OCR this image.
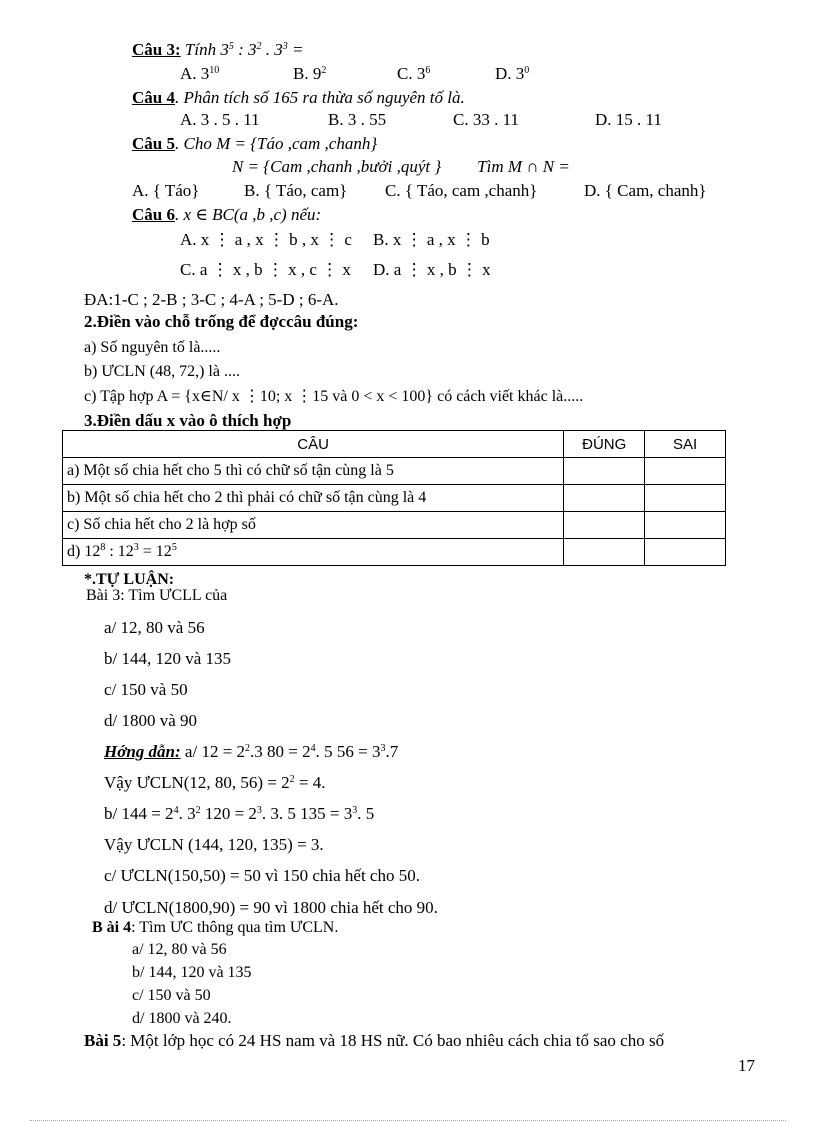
Câu 3: Tính $3^5$ : $3^2$ . $3^3$ =
A. $3^{10}$	B. $9^2$	C. $3^6$	D. $3^0$
Câu 4. Phân tích số 165 ra thừa số nguyên tố là.
A. 3 . 5 . 11	B. 3 . 55	C. 33 . 11	D. 15 . 11
Câu 5. Cho M = {Táo ,cam ,chanh}
N = {Cam ,chanh ,bưởi ,quýt } Tìm M ∩ N =
A. { Táo}	B. { Táo, cam} C. { Táo, cam ,chanh}	D. { Cam, chanh}
Câu 6. x ∈ BC(a ,b ,c) nếu:
A. x ⋮ a , x ⋮ b , x ⋮ c B. x ⋮ a , x ⋮ b
C. a ⋮ x , b ⋮ x , c ⋮ x D. a ⋮ x , b ⋮ x
ĐA:1-C ; 2-B ; 3-C ; 4-A ; 5-D ; 6-A.
2.Điền vào chỗ trống để đợccâu đúng:
a) Số nguyên tố là.....
b) ƯCLN (48, 72,) là ....
c) Tập hợp A = {x∈N/ x ⋮10; x ⋮15 và 0 < x < 100} có cách viết khác là.....
3.Điền dấu x vào ô thích hợp
CÂU	ĐÚNG	SAI
a) Một số chia hết cho 5 thì có chữ số tận cùng là 5		
b) Một số chia hết cho 2 thì phải có chữ số tận cùng là 4		
c) Số chia hết cho 2 là hợp số		
d) $12^8$ : $12^3 = 12^5$		
*.TỰ LUẬN:
Bài 3: Tìm ƯCLL của
a/ 12, 80 và 56
b/ 144, 120 và 135
c/ 150 và 50
d/ 1800 và 90
Hớng dẫn: a/ $12 = 2^2.3$ $80 = 2^4$. 5 $56 = 3^3.7$
Vậy ƯCLN(12, 80, $56) = 2^2 = 4$.
b/ $144 = 2^4$. $3^2$ $120 = 2^3$. 3. 5 $135 = 3^3$. 5
Vậy ƯCLN (144, 120, 135) = 3.
c/ ƯCLN(150,50) = 50 vì 150 chia hết cho 50.
d/ ƯCLN(1800,90) = 90 vì 1800 chia hết cho 90.
B ài 4: Tìm ƯC thông qua tìm ƯCLN.
a/ 12, 80 và 56
b/ 144, 120 và 135
c/ 150 và 50
d/ 1800 và 240.
Bài 5: Một lớp học có 24 HS nam và 18 HS nữ. Có bao nhiêu cách chia tổ sao cho số
17
